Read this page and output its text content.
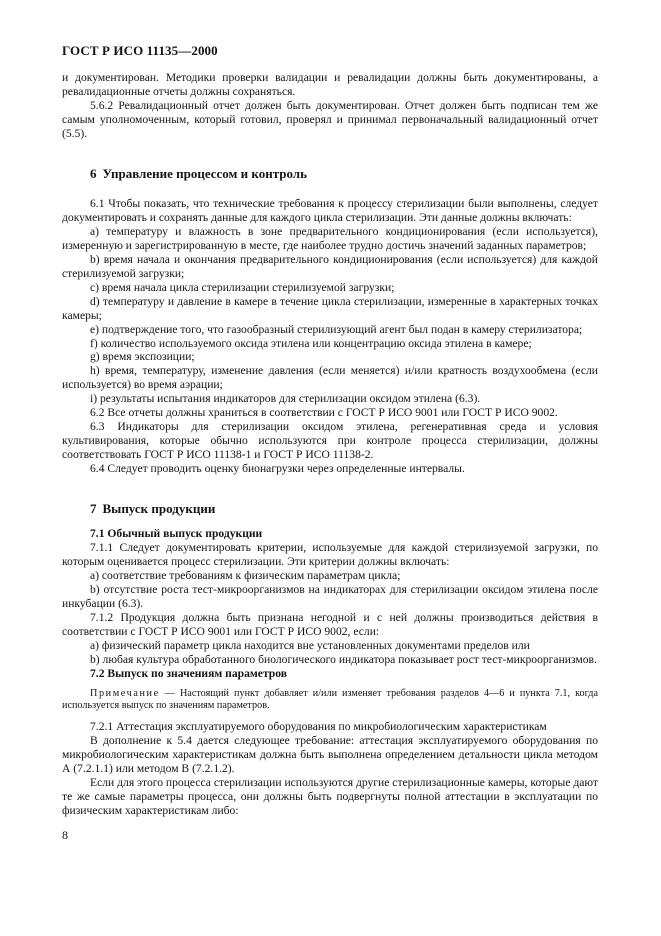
ГОСТ Р ИСО 11135—2000

и документирован. Методики проверки валидации и ревалидации должны быть документированы, а ревалидационные отчеты должны сохраняться.

5.6.2 Ревалидационный отчет должен быть документирован. Отчет должен быть подписан тем же самым уполномоченным, который готовил, проверял и принимал первоначальный валидационный отчет (5.5).

6 Управление процессом и контроль

6.1 Чтобы показать, что технические требования к процессу стерилизации были выполнены, следует документировать и сохранять данные для каждого цикла стерилизации. Эти данные должны включать:

a) температуру и влажность в зоне предварительного кондиционирования (если используется), измеренную и зарегистрированную в месте, где наиболее трудно достичь значений заданных параметров;

b) время начала и окончания предварительного кондиционирования (если используется) для каждой стерилизуемой загрузки;

c) время начала цикла стерилизации стерилизуемой загрузки;

d) температуру и давление в камере в течение цикла стерилизации, измеренные в характерных точках камеры;

e) подтверждение того, что газообразный стерилизующий агент был подан в камеру стерилизатора;

f) количество используемого оксида этилена или концентрацию оксида этилена в камере;

g) время экспозиции;

h) время, температуру, изменение давления (если меняется) и/или кратность воздухообмена (если используется) во время аэрации;

i) результаты испытания индикаторов для стерилизации оксидом этилена (6.3).

6.2 Все отчеты должны храниться в соответствии с ГОСТ Р ИСО 9001 или ГОСТ Р ИСО 9002.

6.3 Индикаторы для стерилизации оксидом этилена, регенеративная среда и условия культивирования, которые обычно используются при контроле процесса стерилизации, должны соответствовать ГОСТ Р ИСО 11138-1 и ГОСТ Р ИСО 11138-2.

6.4 Следует проводить оценку бионагрузки через определенные интервалы.

7 Выпуск продукции
7.1 Обычный выпуск продукции

7.1.1 Следует документировать критерии, используемые для каждой стерилизуемой загрузки, по которым оценивается процесс стерилизации. Эти критерии должны включать:

a) соответствие требованиям к физическим параметрам цикла;

b) отсутствие роста тест-микроорганизмов на индикаторах для стерилизации оксидом этилена после инкубации (6.3).

7.1.2 Продукция должна быть признана негодной и с ней должны производиться действия в соответствии с ГОСТ Р ИСО 9001 или ГОСТ Р ИСО 9002, если:

a) физический параметр цикла находится вне установленных документами пределов или

b) любая культура обработанного биологического индикатора показывает рост тест-микроорганизмов.

7.2 Выпуск по значениям параметров

Примечание — Настоящий пункт добавляет и/или изменяет требования разделов 4—6 и пункта 7.1, когда используется выпуск по значениям параметров.

7.2.1 Аттестация эксплуатируемого оборудования по микробиологическим характеристикам

В дополнение к 5.4 дается следующее требование: аттестация эксплуатируемого оборудования по микробиологическим характеристикам должна быть выполнена определением детальности цикла методом А (7.2.1.1) или методом В (7.2.1.2).

Если для этого процесса стерилизации используются другие стерилизационные камеры, которые дают те же самые параметры процесса, они должны быть подвергнуты полной аттестации в эксплуатации по физическим характеристикам либо:

8
